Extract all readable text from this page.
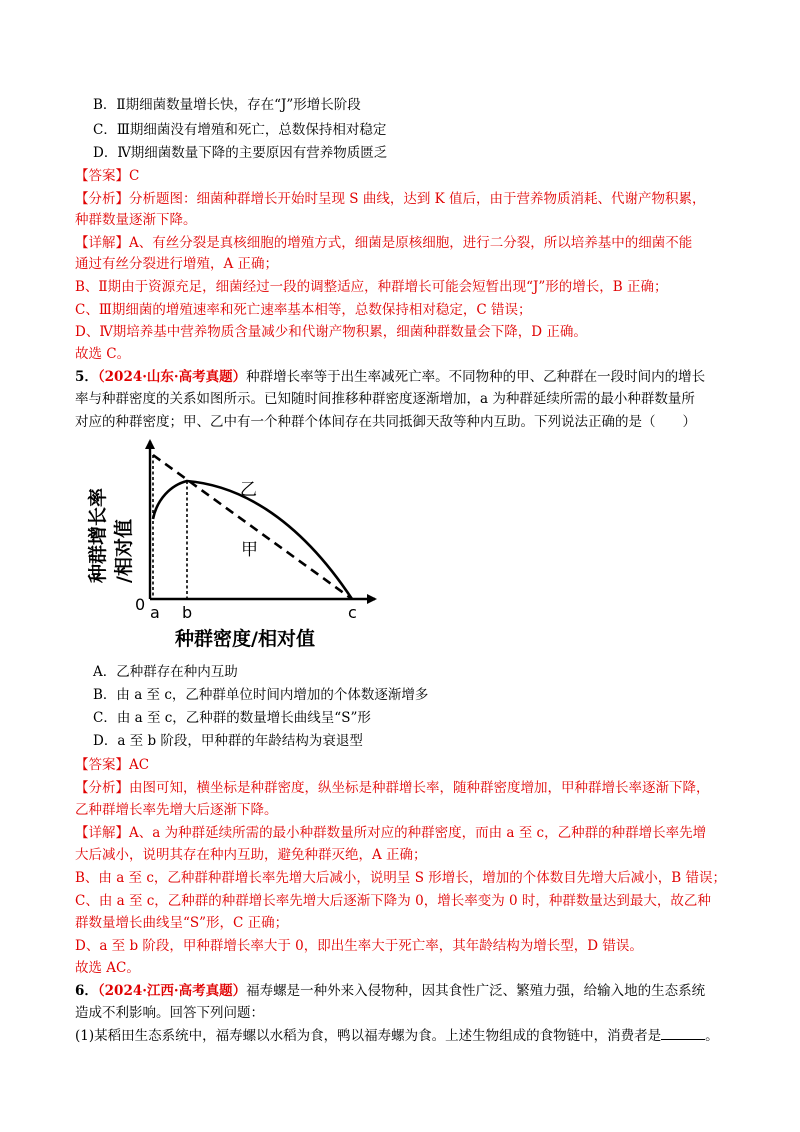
B．Ⅱ期细菌数量增长快，存在“J”形增长阶段
C．Ⅲ期细菌没有增殖和死亡，总数保持相对稳定
D．Ⅳ期细菌数量下降的主要原因有营养物质匮乏
【答案】C
【分析】分析题图：细菌种群增长开始时呈现 S 曲线，达到 K 值后，由于营养物质消耗、代谢产物积累，
种群数量逐渐下降。
【详解】A、有丝分裂是真核细胞的增殖方式，细菌是原核细胞，进行二分裂，所以培养基中的细菌不能
通过有丝分裂进行增殖，A 正确；
B、Ⅱ期由于资源充足，细菌经过一段的调整适应，种群增长可能会短暂出现“J”形的增长，B 正确；
C、Ⅲ期细菌的增殖速率和死亡速率基本相等，总数保持相对稳定，C 错误；
D、Ⅳ期培养基中营养物质含量减少和代谢产物积累，细菌种群数量会下降，D 正确。
故选 C。
5．（2024·山东·高考真题）种群增长率等于出生率减死亡率。不同物种的甲、乙种群在一段时间内的增长
率与种群密度的关系如图所示。已知随时间推移种群密度逐渐增加，a 为种群延续所需的最小种群数量所
对应的种群密度；甲、乙中有一个种群个体间存在共同抵御天敌等种内互助。下列说法正确的是（　　）
乙
甲
0 a b	c
种群密度/相对值
种群增长率 /相对值
A．乙种群存在种内互助
B．由 a 至 c，乙种群单位时间内增加的个体数逐渐增多
C．由 a 至 c，乙种群的数量增长曲线呈“S”形
D．a 至 b 阶段，甲种群的年龄结构为衰退型
【答案】AC
【分析】由图可知，横坐标是种群密度，纵坐标是种群增长率，随种群密度增加，甲种群增长率逐渐下降，
乙种群增长率先增大后逐渐下降。
【详解】A、a 为种群延续所需的最小种群数量所对应的种群密度，而由 a 至 c，乙种群的种群增长率先增
大后减小，说明其存在种内互助，避免种群灭绝，A 正确；
B、由 a 至 c，乙种群种群增长率先增大后减小，说明呈 S 形增长，增加的个体数目先增大后减小，B 错误；
C、由 a 至 c，乙种群的种群增长率先增大后逐渐下降为 0，增长率变为 0 时，种群数量达到最大，故乙种
群数量增长曲线呈“S”形，C 正确；
D、a 至 b 阶段，甲种群增长率大于 0，即出生率大于死亡率，其年龄结构为增长型，D 错误。
故选 AC。
6．（2024·江西·高考真题）福寿螺是一种外来入侵物种，因其食性广泛、繁殖力强，给输入地的生态系统
造成不利影响。回答下列问题：
(1)某稻田生态系统中，福寿螺以水稻为食，鸭以福寿螺为食。上述生物组成的食物链中，消费者是	。
